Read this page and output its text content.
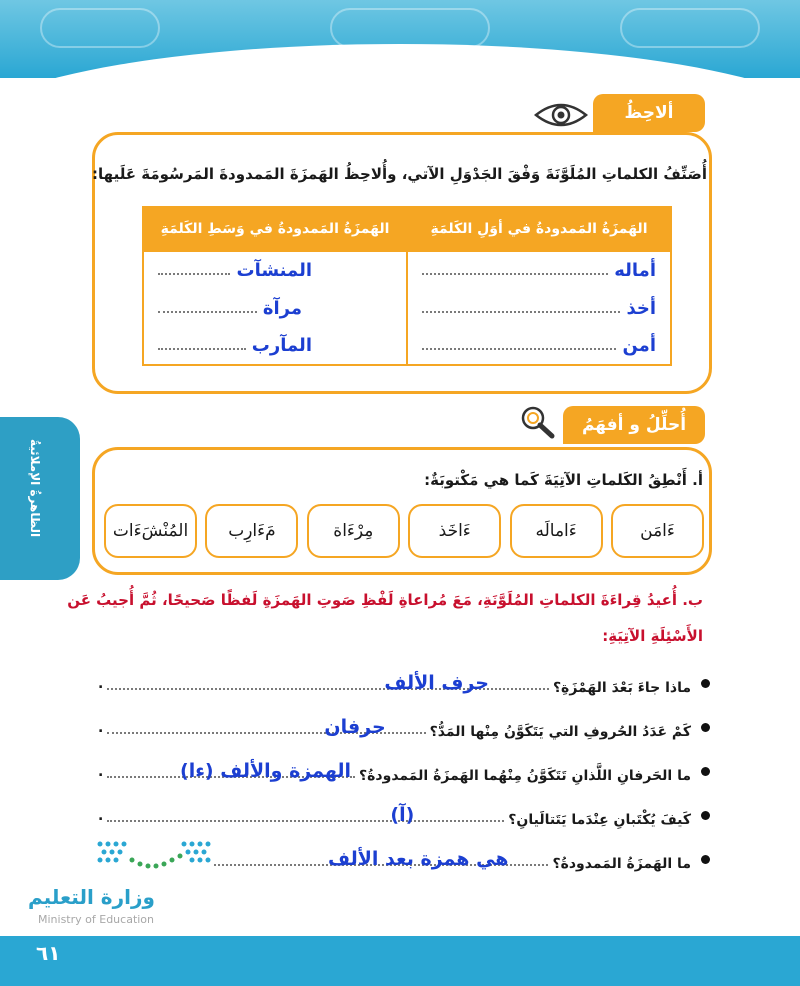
ألاحِظُ
أُصَنِّفُ الكلماتِ المُلَوَّنَةَ وَفْقَ الجَدْوَلِ الآتي، وأُلاحِظُ الهَمزَةَ المَمدودةَ المَرسُومَةَ عَلَيها:
الهَمزَةُ المَمدودةُ في أوَلِ الكَلمَةِ	الهَمزَةُ المَمدودةُ في وَسَطِ الكَلمَةِ

أماله	المنشآت

أخذ	مرآة

أمن	المآرب
أُحلِّلُ و أفهَمُ
أ. أَنْطِقُ الكَلماتِ الآتِيَةَ كَما هي مَكْتوبَةٌ:
ءَامَن
ءَامالَه
ءَاخَذ
مِرْءَاة
مَءَارِب
المُنْشَءَات
ب. أُعيدُ قِراءَةَ الكلماتِ المُلَوَّنَةِ، مَعَ مُراعاةِ لَفْظِ صَوتِ الهَمزَةِ لَفظًا صَحيحًا، ثُمَّ أُجيبُ عَن
الأَسْئِلَةِ الآتِيَةِ:
ماذا جاءَ بَعْدَ الهَمْزَةِ؟
حرف الألف
.
كَمْ عَدَدُ الحُروفِ التي يَتَكَوَّنُ مِنْها المَدُّ؟
حرفان
.
ما الحَرفانِ اللَّذانِ تَتَكَوَّنُ مِنْهُما الهَمزَةُ المَمدودةُ؟
الهمزة والألف (ءا)
.
كَيفَ يُكْتَبانِ عِنْدَما يَتَتالَيانِ؟
(آ)
.
ما الهَمزَةُ المَمدودةُ؟
هي همزة بعد الألف
الظاهرةُ الإملائيةُ
وزارة التعليم
Ministry of Education
٦١
